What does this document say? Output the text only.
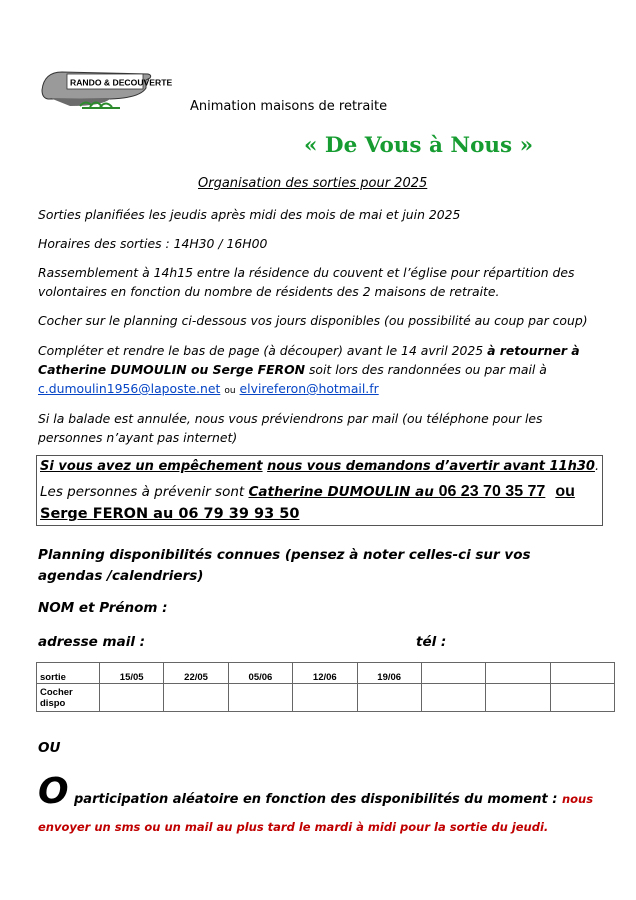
RANDO & DECOUVERTE
Animation maisons de retraite
« De Vous à Nous »
Organisation des sorties pour 2025
Sorties planifiées les jeudis après midi des mois de mai et juin 2025
Horaires des sorties : 14H30 / 16H00
Rassemblement à 14h15 entre la résidence du couvent et l’église pour répartition des volontaires en fonction du nombre de résidents des 2 maisons de retraite.
Cocher sur le planning ci-dessous vos jours disponibles (ou possibilité au coup par coup)
Compléter et rendre le bas de page (à découper) avant le 14 avril 2025 à retourner à Catherine DUMOULIN ou Serge FERON soit lors des randonnées ou par mail à
c.dumoulin1956@laposte.net ou elvireferon@hotmail.fr
Si la balade est annulée, nous vous préviendrons par mail (ou téléphone pour les personnes n’ayant pas internet)
Si vous avez un empêchement nous vous demandons d’avertir avant 11h30.
Les personnes à prévenir sont Catherine DUMOULIN au 06 23 70 35 77 ou
Serge FERON au 06 79 39 93 50
Planning disponibilités connues (pensez à noter celles-ci sur vos agendas /calendriers)
NOM et Prénom :
adresse mail :	tél :
sortie	15/05	22/05	05/06	12/06	19/06			
Cocher dispo								
OU
O participation aléatoire en fonction des disponibilités du moment : nous
envoyer un sms ou un mail au plus tard le mardi à midi pour la sortie du jeudi.
